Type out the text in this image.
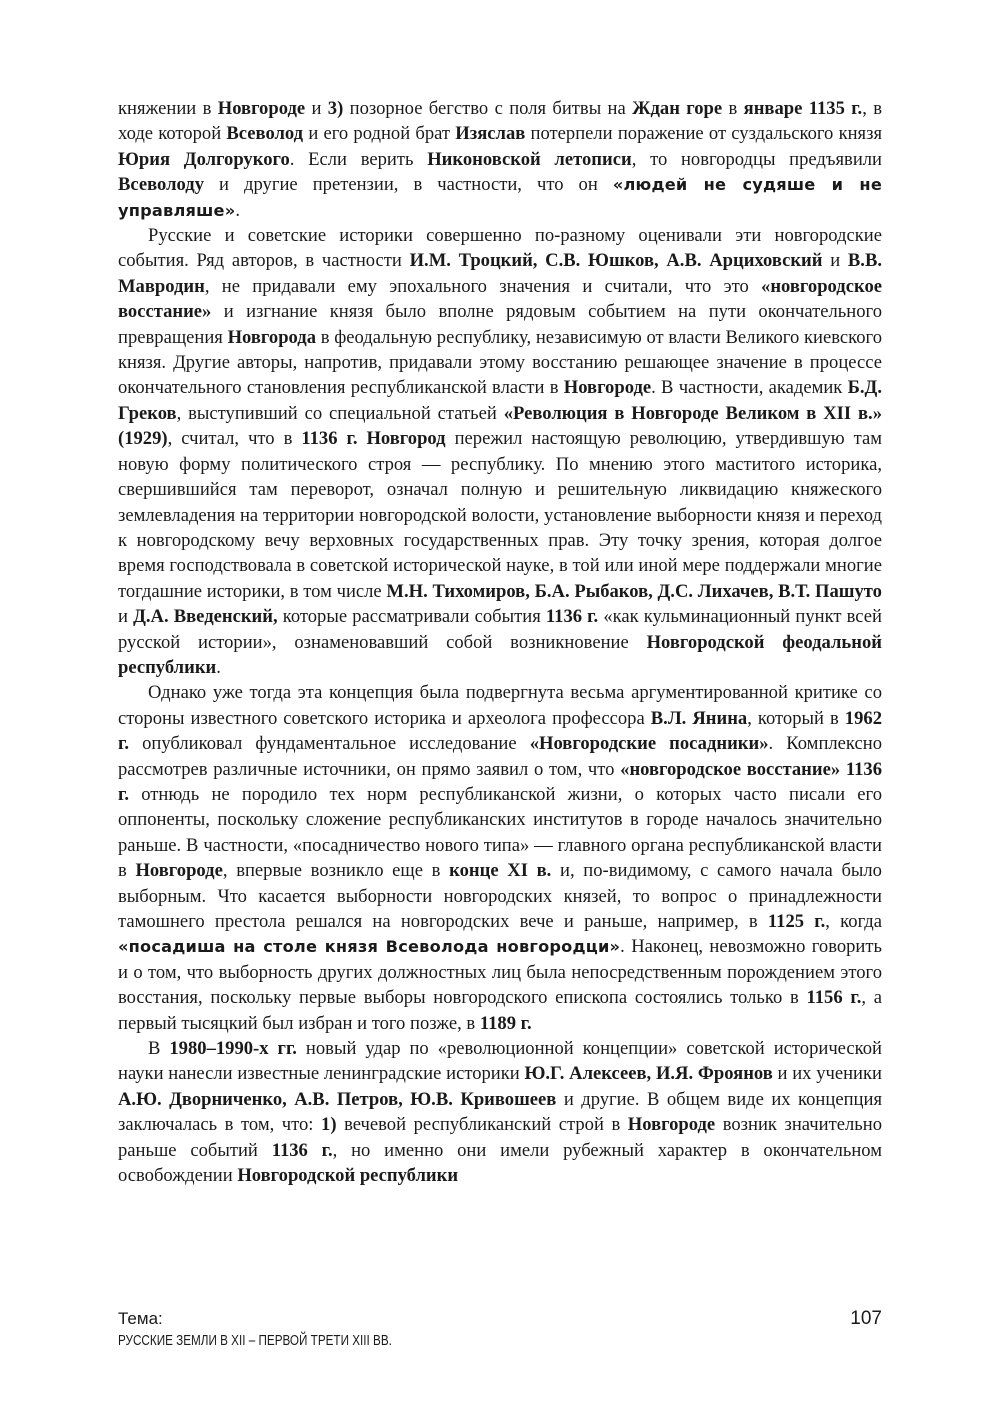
княжении в Новгороде и 3) позорное бегство с поля битвы на Ждан горе в январе 1135 г., в ходе которой Всеволод и его родной брат Изяслав потерпели поражение от суздальского князя Юрия Долгорукого. Если верить Никоновской летописи, то новгородцы предъявили Всеволоду и другие претензии, в частности, что он «людей не судяше и не управляше».

Русские и советские историки совершенно по-разному оценивали эти новгородские события. Ряд авторов, в частности И.М. Троцкий, С.В. Юшков, А.В. Арциховский и В.В. Мавродин, не придавали ему эпохального значения и считали, что это «новгородское восстание» и изгнание князя было вполне рядовым событием на пути окончательного превращения Новгорода в феодальную республику, независимую от власти Великого киевского князя. Другие авторы, напротив, придавали этому восстанию решающее значение в процессе окончательного становления республиканской власти в Новгороде. В частности, академик Б.Д. Греков, выступивший со специальной статьей «Революция в Новгороде Великом в XII в.» (1929), считал, что в 1136 г. Новгород пережил настоящую революцию, утвердившую там новую форму политического строя — республику. По мнению этого маститого историка, свершившийся там переворот, означал полную и решительную ликвидацию княжеского землевладения на территории новгородской волости, установление выборности князя и переход к новгородскому вечу верховных государственных прав. Эту точку зрения, которая долгое время господствовала в советской исторической науке, в той или иной мере поддержали многие тогдашние историки, в том числе М.Н. Тихомиров, Б.А. Рыбаков, Д.С. Лихачев, В.Т. Пашуто и Д.А. Введенский, которые рассматривали события 1136 г. «как кульминационный пункт всей русской истории», ознаменовавший собой возникновение Новгородской феодальной республики.

Однако уже тогда эта концепция была подвергнута весьма аргументированной критике со стороны известного советского историка и археолога профессора В.Л. Янина, который в 1962 г. опубликовал фундаментальное исследование «Новгородские посадники». Комплексно рассмотрев различные источники, он прямо заявил о том, что «новгородское восстание» 1136 г. отнюдь не породило тех норм республиканской жизни, о которых часто писали его оппоненты, поскольку сложение республиканских институтов в городе началось значительно раньше. В частности, «посадничество нового типа» — главного органа республиканской власти в Новгороде, впервые возникло еще в конце XI в. и, по-видимому, с самого начала было выборным. Что касается выборности новгородских князей, то вопрос о принадлежности тамошнего престола решался на новгородских вече и раньше, например, в 1125 г., когда «посадиша на столе князя Всеволода новгородци». Наконец, невозможно говорить и о том, что выборность других должностных лиц была непосредственным порождением этого восстания, поскольку первые выборы новгородского епископа состоялись только в 1156 г., а первый тысяцкий был избран и того позже, в 1189 г.

В 1980–1990-х гг. новый удар по «революционной концепции» советской исторической науки нанесли известные ленинградские историки Ю.Г. Алексеев, И.Я. Фроянов и их ученики А.Ю. Дворниченко, А.В. Петров, Ю.В. Кривошеев и другие. В общем виде их концепция заключалась в том, что: 1) вечевой республиканский строй в Новгороде возник значительно раньше событий 1136 г., но именно они имели рубежный характер в окончательном освобождении Новгородской республики

Тема:
РУССКИЕ ЗЕМЛИ В XII – ПЕРВОЙ ТРЕТИ XIII ВВ.
107
